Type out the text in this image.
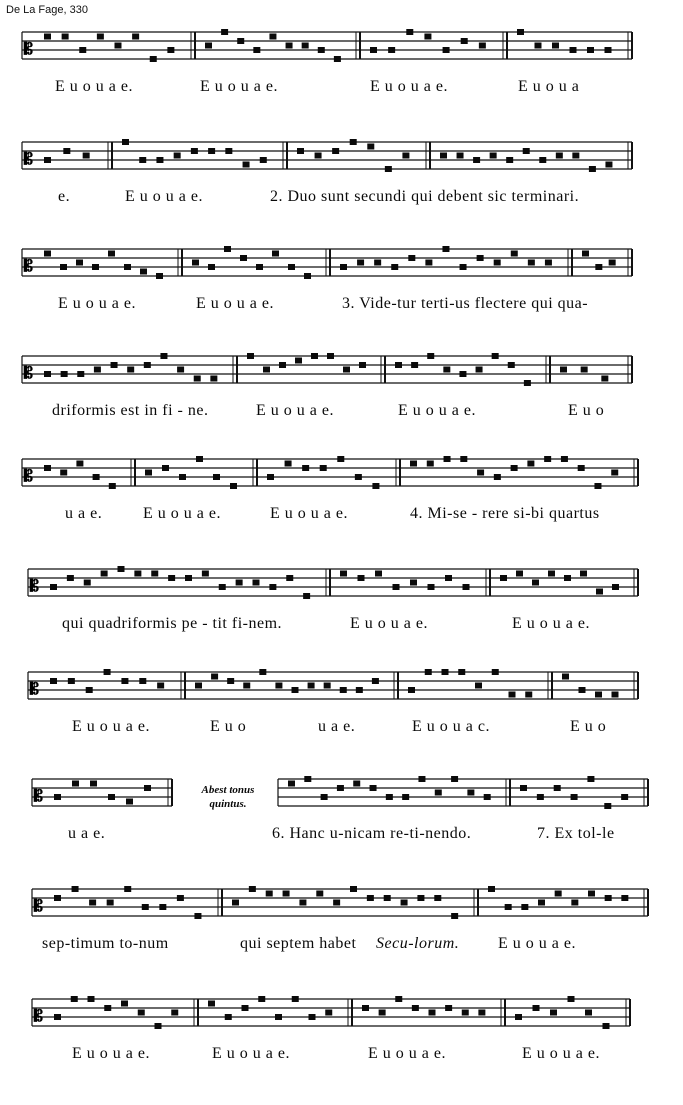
De La Fage, 330
𝄡
E u o u a e.	E u o u a e.	E u o u a e.	E u o u a
𝄡
e.	E u o u a e.	2. Duo sunt secundi qui debent sic terminari.
𝄡
E u o u a e.	E u o u a e.	3. Vide-tur terti-us flectere qui qua-
𝄡
driformis est in fi - ne.	E u o u a e.	E u o u a e.	E u o
𝄡
u a e.	E u o u a e.	E u o u a e.	4. Mi-se - rere si-bi quartus
𝄡
qui quadriformis pe - tit fi-nem.	E u o u a e.	E u o u a e.
𝄡
E u o u a e.	E u o	u a e.	E u o u a c.	E u o
𝄡
u a e.	6. Hanc u-nicam re-ti-nendo.	7. Ex tol-le
Abest tonus
quintus.
𝄡
sep-timum to-num	qui septem habet Secu-lorum. E u o u a e.
𝄡
E u o u a e.	E u o u a e.	E u o u a e.	E u o u a e.
